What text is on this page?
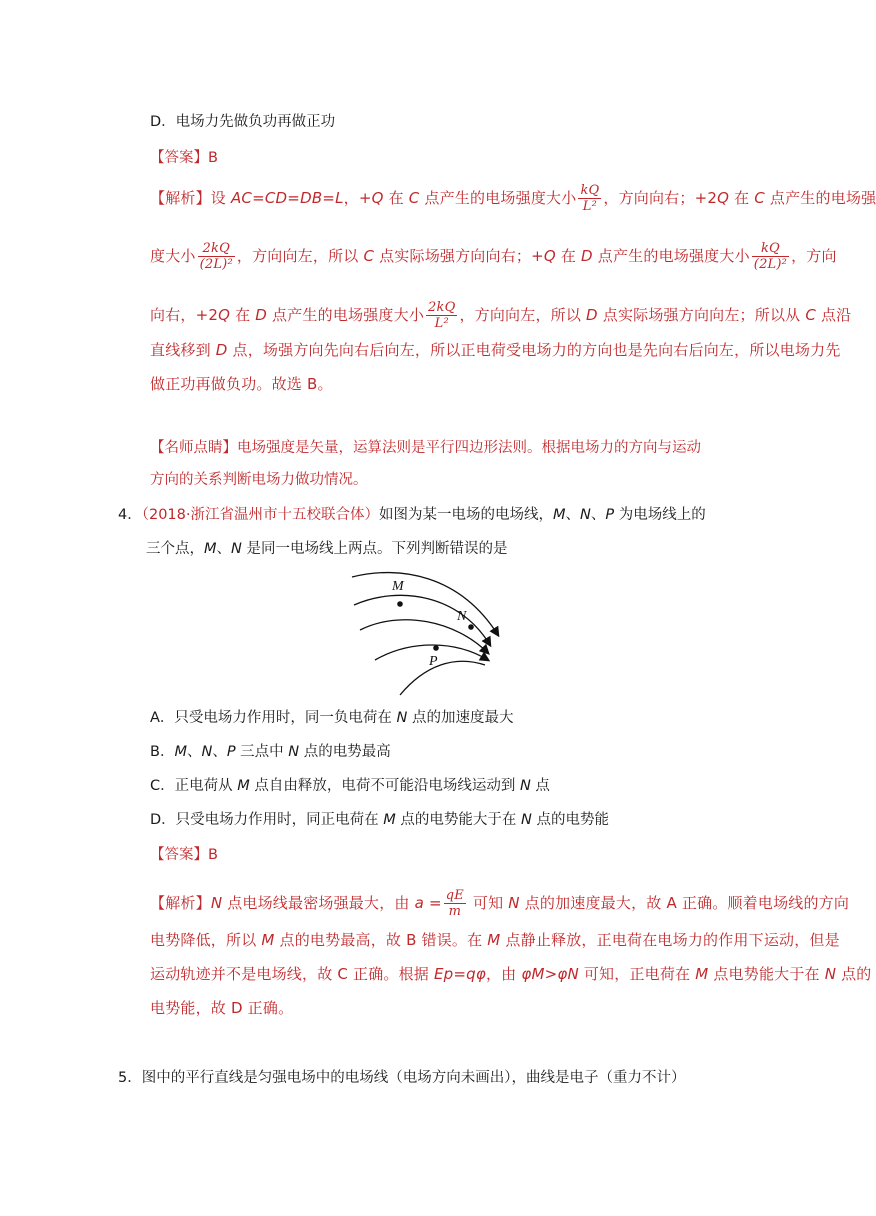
D．电场力先做负功再做正功
【答案】B
【解析】设 AC=CD=DB=L，+Q 在 C 点产生的电场强度大小 $\frac{kQ}{\text{L²}}$ ，方向向右；+2Q 在 C 点产生的电场强
度大小 $\frac{2kQ}{\text{(2L)²}}$ ，方向向左，所以 C 点实际场强方向向右；+Q 在 D 点产生的电场强度大小 $\frac{kQ}{\text{(2L)²}}$ ，方向
向右，+2Q 在 D 点产生的电场强度大小 $\frac{2kQ}{\text{L²}}$ ，方向向左，所以 D 点实际场强方向向左；所以从 C 点沿
直线移到 D 点，场强方向先向右后向左，所以正电荷受电场力的方向也是先向右后向左，所以电场力先
做正功再做负功。故选 B。
【名师点睛】电场强度是矢量，运算法则是平行四边形法则。根据电场力的方向与运动
方向的关系判断电场力做功情况。
4．（2018·浙江省温州市十五校联合体）如图为某一电场的电场线，M、N、P 为电场线上的
三个点，M、N 是同一电场线上两点。下列判断错误的是
M
N
P
A．只受电场力作用时，同一负电荷在 N 点的加速度最大
B．M、N、P 三点中 N 点的电势最高
C．正电荷从 M 点自由释放，电荷不可能沿电场线运动到 N 点
D．只受电场力作用时，同正电荷在 M 点的电势能大于在 N 点的电势能
【答案】B
【解析】N 点电场线最密场强最大，由 $a = \frac{qE}{m}$ 可知 N 点的加速度最大，故 A 正确。顺着电场线的方向
电势降低，所以 M 点的电势最高，故 B 错误。在 M 点静止释放，正电荷在电场力的作用下运动，但是
运动轨迹并不是电场线，故 C 正确。根据 Ep=qφ，由 φM>φN 可知，正电荷在 M 点电势能大于在 N 点的
电势能，故 D 正确。
5．图中的平行直线是匀强电场中的电场线（电场方向未画出），曲线是电子（重力不计）
